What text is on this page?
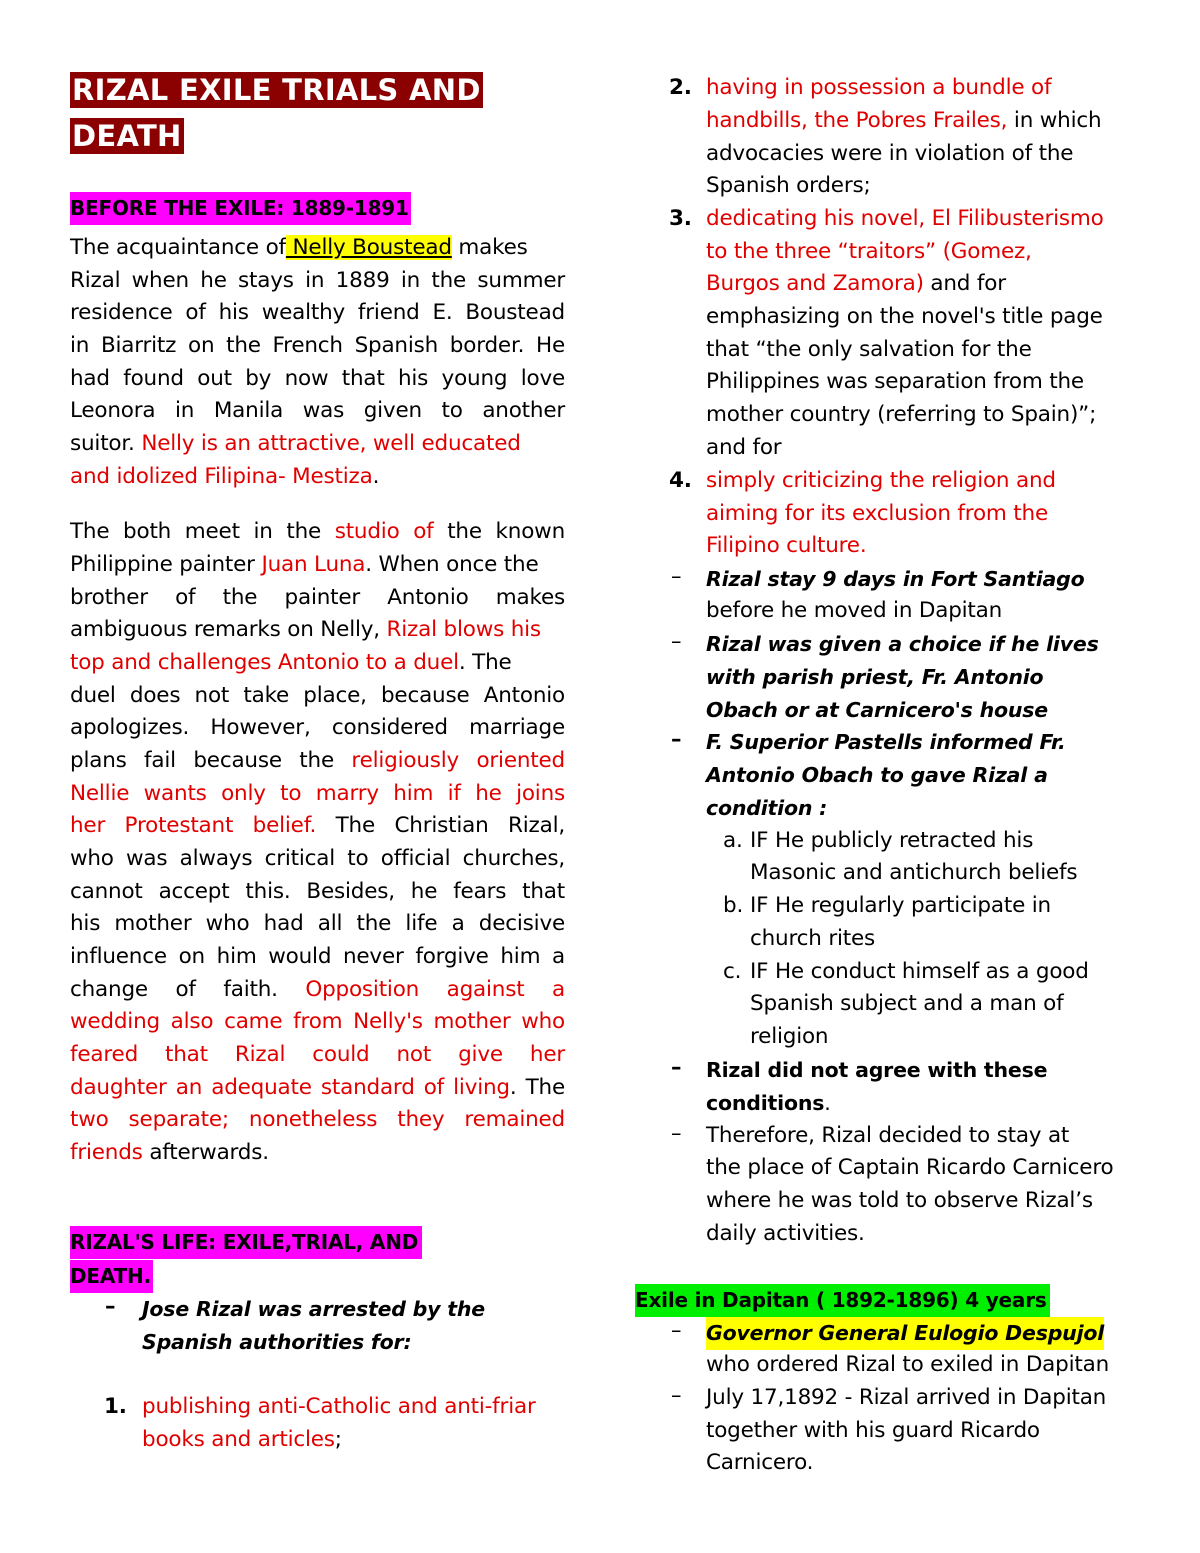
RIZAL EXILE TRIALS AND
DEATH
BEFORE THE EXILE: 1889-1891
The acquaintance of Nelly Boustead makes
Rizal when he stays in 1889 in the summer
residence of his wealthy friend E. Boustead
in Biarritz on the French Spanish border. He
had found out by now that his young love
Leonora in Manila was given to another
suitor. Nelly is an attractive, well educated
and idolized Filipina- Mestiza.
The both meet in the studio of the known
Philippine painter Juan Luna. When once the
brother of the painter Antonio makes
ambiguous remarks on Nelly, Rizal blows his
top and challenges Antonio to a duel. The
duel does not take place, because Antonio
apologizes. However, considered marriage
plans fail because the religiously oriented
Nellie wants only to marry him if he joins
her Protestant belief. The Christian Rizal,
who was always critical to official churches,
cannot accept this. Besides, he fears that
his mother who had all the life a decisive
influence on him would never forgive him a
change of faith. Opposition against a
wedding also came from Nelly's mother who
feared that Rizal could not give her
daughter an adequate standard of living. The
two separate; nonetheless they remained
friends afterwards.
RIZAL'S LIFE: EXILE,TRIAL, AND
DEATH.
– Jose Rizal was arrested by the
Spanish authorities for:
1. publishing anti-Catholic and anti-friar
books and articles;
2. having in possession a bundle of
handbills, the Pobres Frailes, in which
advocacies were in violation of the
Spanish orders;
3. dedicating his novel, El Filibusterismo
to the three “traitors” (Gomez,
Burgos and Zamora) and for
emphasizing on the novel's title page
that “the only salvation for the
Philippines was separation from the
mother country (referring to Spain)”;
and for
4. simply criticizing the religion and
aiming for its exclusion from the
Filipino culture.
– Rizal stay 9 days in Fort Santiago
before he moved in Dapitan
– Rizal was given a choice if he lives
with parish priest, Fr. Antonio
Obach or at Carnicero's house
– F. Superior Pastells informed Fr.
Antonio Obach to gave Rizal a
condition :
a. IF He publicly retracted his
Masonic and antichurch beliefs
b. IF He regularly participate in
church rites
c. IF He conduct himself as a good
Spanish subject and a man of
religion
– Rizal did not agree with these
conditions.
– Therefore, Rizal decided to stay at
the place of Captain Ricardo Carnicero
where he was told to observe Rizal’s
daily activities.
Exile in Dapitan ( 1892-1896) 4 years
– Governor General Eulogio Despujol
who ordered Rizal to exiled in Dapitan
– July 17,1892 - Rizal arrived in Dapitan
together with his guard Ricardo
Carnicero.
